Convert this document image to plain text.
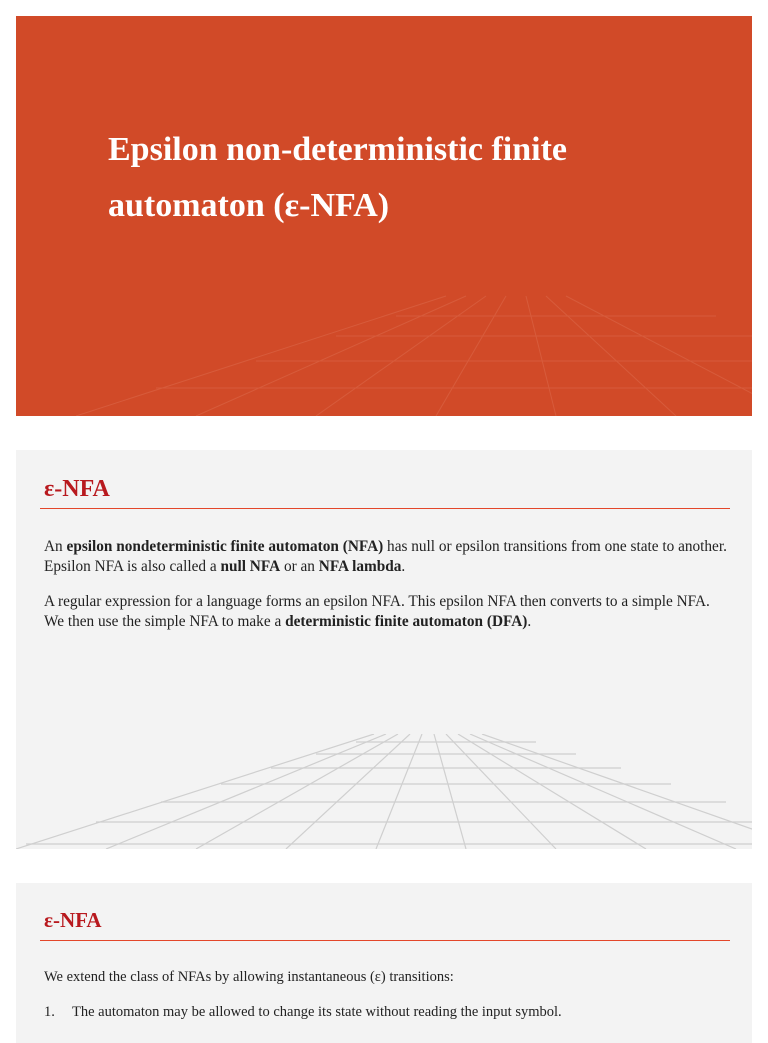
Epsilon non-deterministic finite
automaton (ε-NFA)
ε-NFA

An epsilon nondeterministic finite automaton (NFA) has null or epsilon transitions from one state to another. Epsilon NFA is also called a null NFA or an NFA lambda.

A regular expression for a language forms an epsilon NFA. This epsilon NFA then converts to a simple NFA. We then use the simple NFA to make a deterministic finite automaton (DFA).

ε-NFA

We extend the class of NFAs by allowing instantaneous (ε) transitions:

1. The automaton may be allowed to change its state without reading the input symbol.
